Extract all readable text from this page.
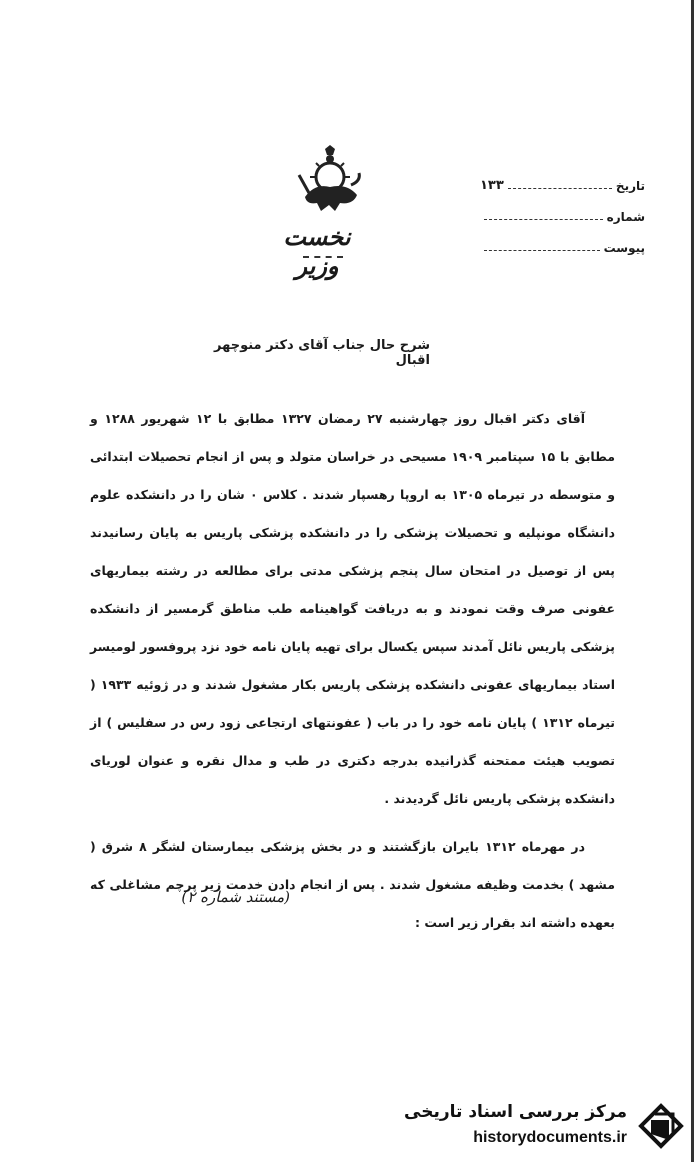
نخست وزیر
تاریخ
۱۳۳
شماره
پیوست
شرح حال جناب آقای دکتر منوچهر اقبال

آقای دکتر اقبال روز چهارشنبه ۲۷ رمضان ۱۳۲۷ مطابق با ۱۲ شهریور ۱۲۸۸ و مطابق با ۱۵ سپتامبر ۱۹۰۹ مسیحی در خراسان متولد و پس از انجام تحصیلات ابتدائی و متوسطه در تیرماه ۱۳۰۵ به اروپا رهسپار شدند . کلاس ۰ شان را در دانشکده علوم دانشگاه مونپلیه و تحصیلات پزشکی را در دانشکده پزشکی پاریس به پایان رسانیدند پس از توصیل در امتحان سال پنجم پزشکی مدتی برای مطالعه در رشته بیماریهای عفونی صرف وقت نمودند و به دریافت گواهینامه طب مناطق گرمسیر از دانشکده پزشکی پاریس نائل آمدند سپس یکسال برای تهیه پایان نامه خود نزد پروفسور لومیسر استاد بیماریهای عفونی دانشکده پزشکی پاریس بکار مشغول شدند و در ژوئیه ۱۹۳۳ ( تیرماه ۱۳۱۲ ) پایان نامه خود را در باب ( عفونتهای ارتجاعی زود رس در سفلیس ) از تصویب هیئت ممتحنه گذرانیده بدرجه دکتری در طب و مدال نقره و عنوان لوریای دانشکده پزشکی پاریس نائل گردیدند .

در مهرماه ۱۳۱۲ بایران بازگشتند و در بخش پزشکی بیمارستان لشگر ۸ شرق ( مشهد ) بخدمت وظیفه مشغول شدند . پس از انجام دادن خدمت زیر پرچم مشاغلی که بعهده داشته اند بقرار زیر است :

(مستند شماره ۲)
مرکز بررسی اسناد تاریخی
historydocuments.ir
